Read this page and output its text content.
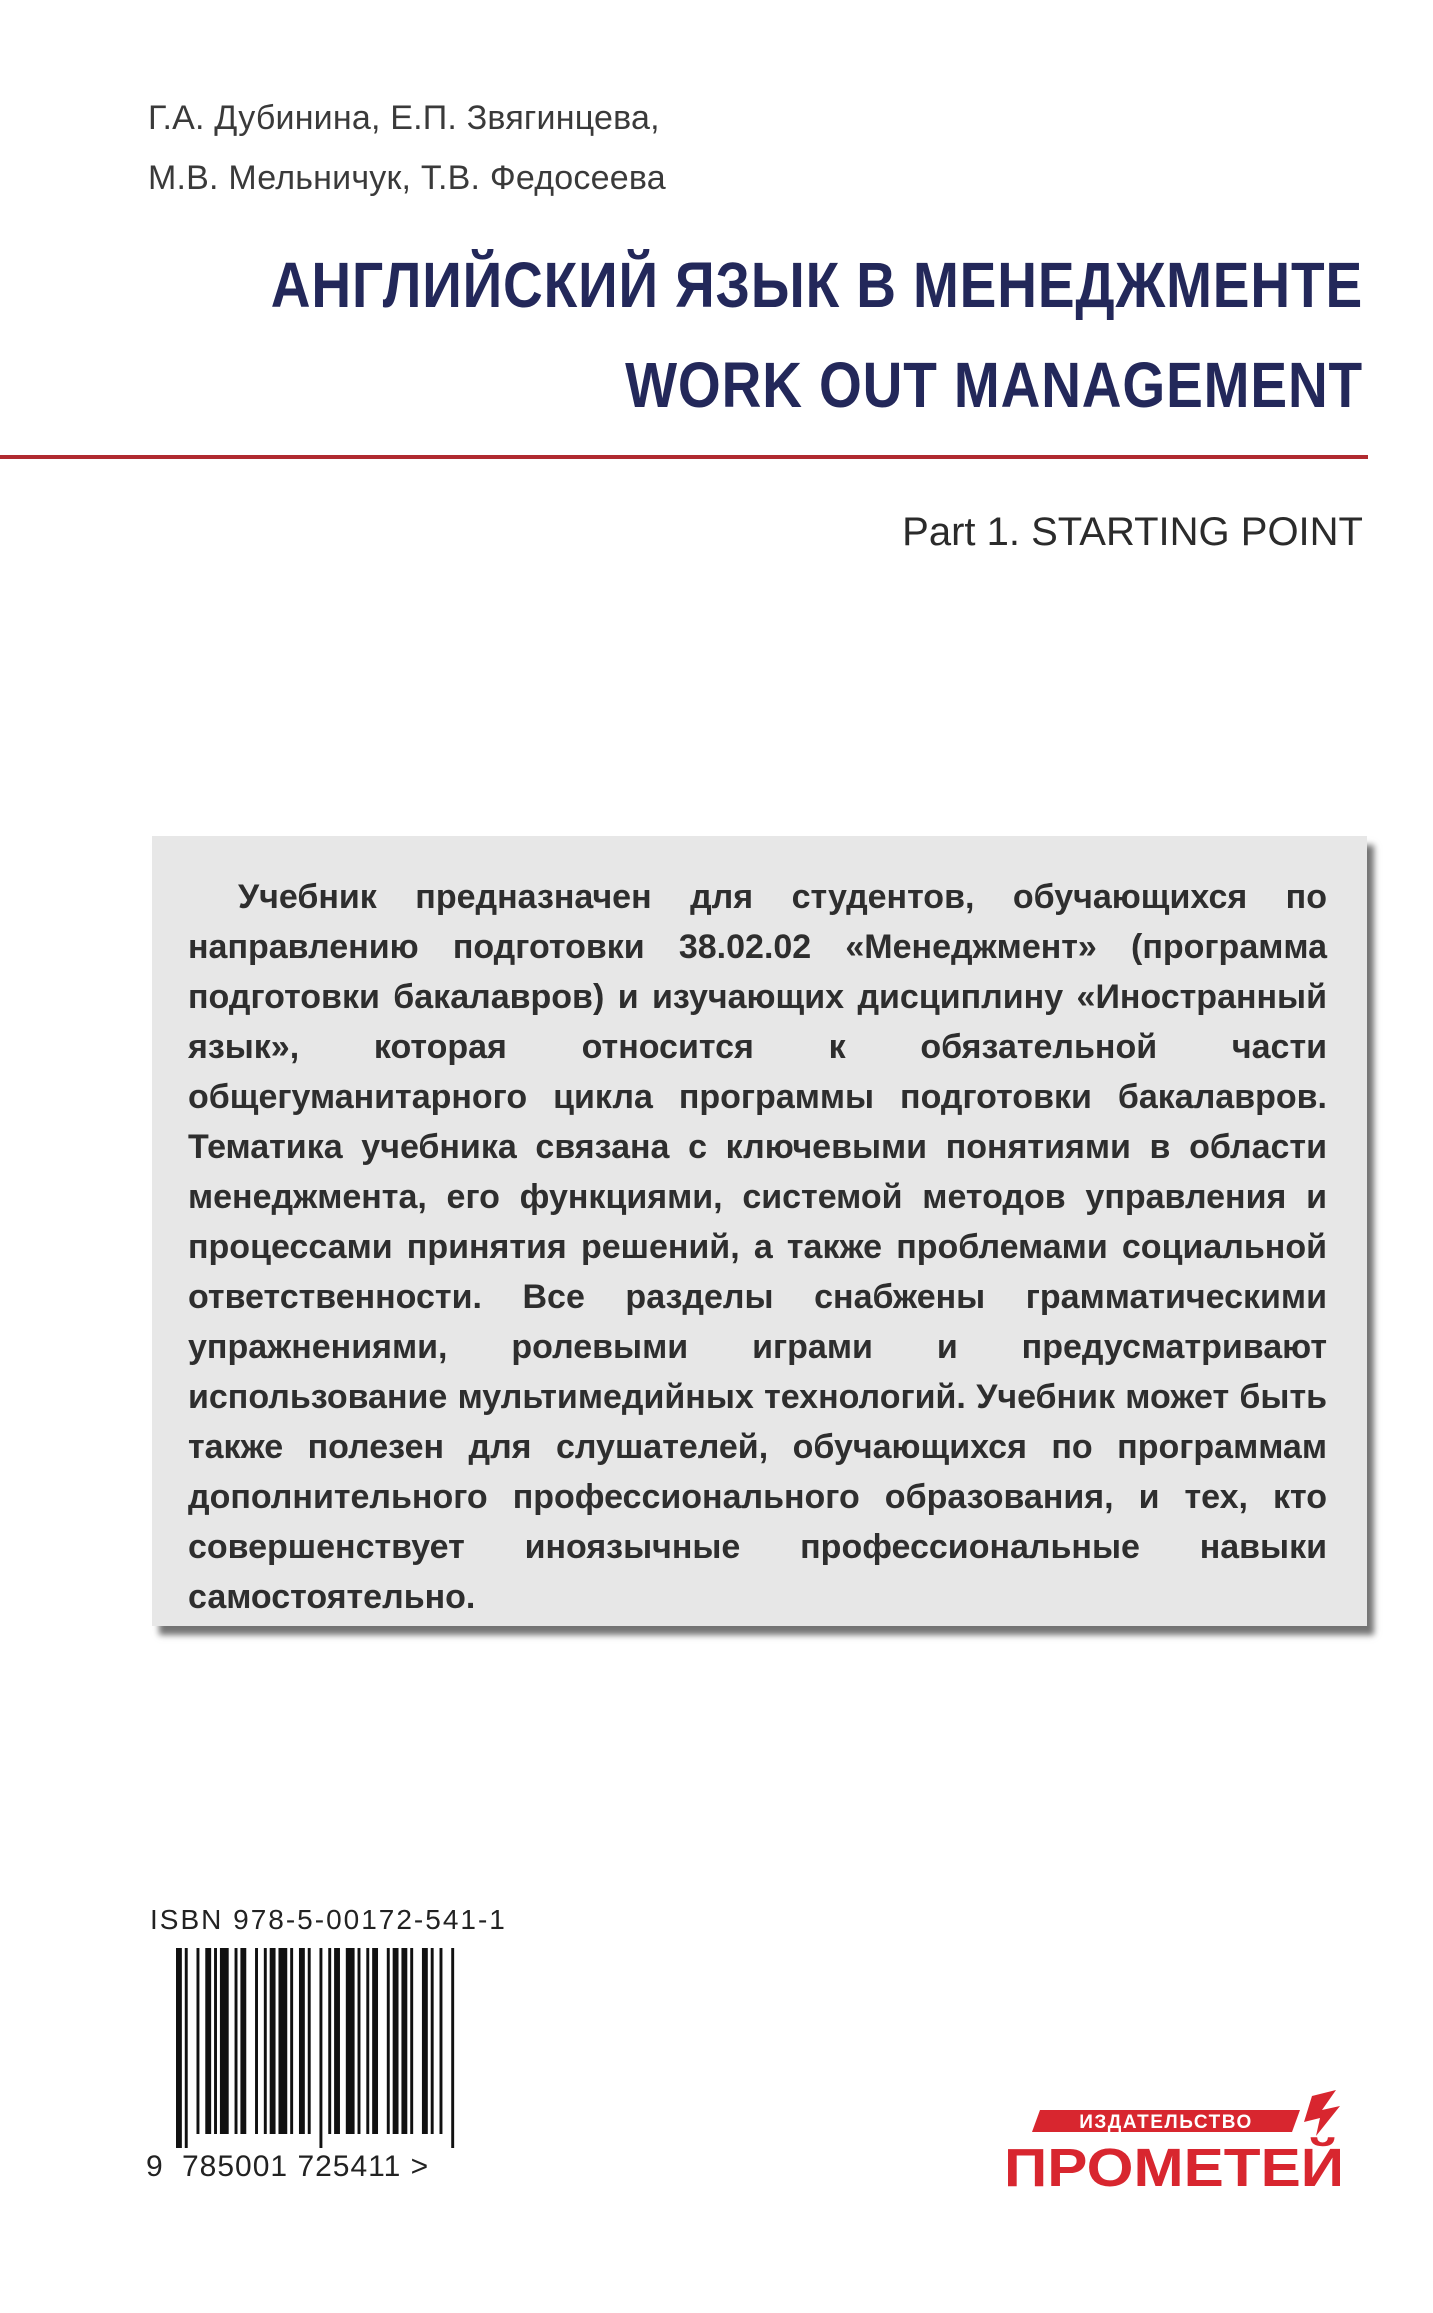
Г.А. Дубинина, Е.П. Звягинцева,
М.В. Мельничук, Т.В. Федосеева
АНГЛИЙСКИЙ ЯЗЫК В МЕНЕДЖМЕНТЕ
WORK OUT MANAGEMENT
Part 1. STARTING POINT
Учебник предназначен для студентов, обучающихся по направлению подготовки 38.02.02 «Менеджмент» (программа подготовки бакалавров) и изучающих дисциплину «Иностранный язык», которая относится к обязательной части общегуманитарного цикла программы подготовки бакалавров. Тематика учебника связана с ключевыми понятиями в области менеджмента, его функциями, системой методов управления и процессами принятия решений, а также проблемами социальной ответственности. Все разделы снабжены грамматическими упражнениями, ролевыми играми и предусматривают использование мультимедийных технологий. Учебник может быть также полезен для слушателей, обучающихся по программам дополнительного профессионального образования, и тех, кто совершенствует иноязычные профессиональные навыки самостоятельно.
ISBN 978-5-00172-541-1
9 785001 725411 >
ИЗДАТЕЛЬСТВО
ПРОМЕТЕЙ
